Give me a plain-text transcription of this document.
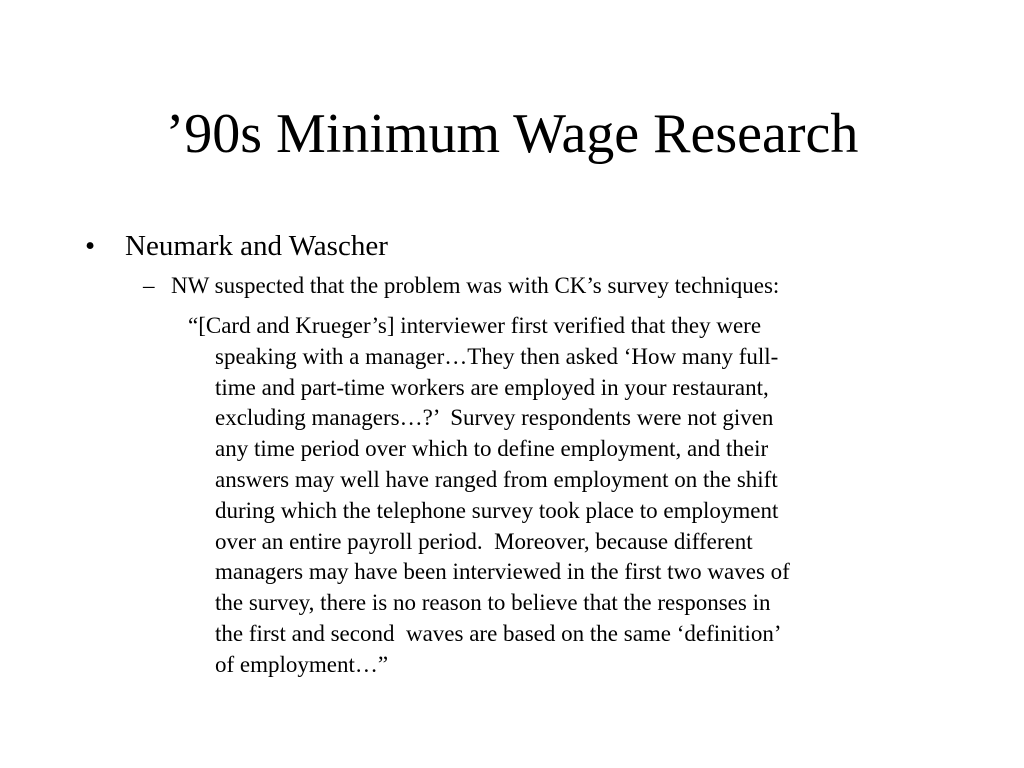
’90s Minimum Wage Research
• Neumark and Wascher
– NW suspected that the problem was with CK’s survey techniques:
“[Card and Krueger’s] interviewer first verified that they were
speaking with a manager…They then asked ‘How many full-
time and part-time workers are employed in your restaurant,
excluding managers…?’  Survey respondents were not given
any time period over which to define employment, and their
answers may well have ranged from employment on the shift
during which the telephone survey took place to employment
over an entire payroll period.  Moreover, because different
managers may have been interviewed in the first two waves of
the survey, there is no reason to believe that the responses in
the first and second  waves are based on the same ‘definition’
of employment…”
